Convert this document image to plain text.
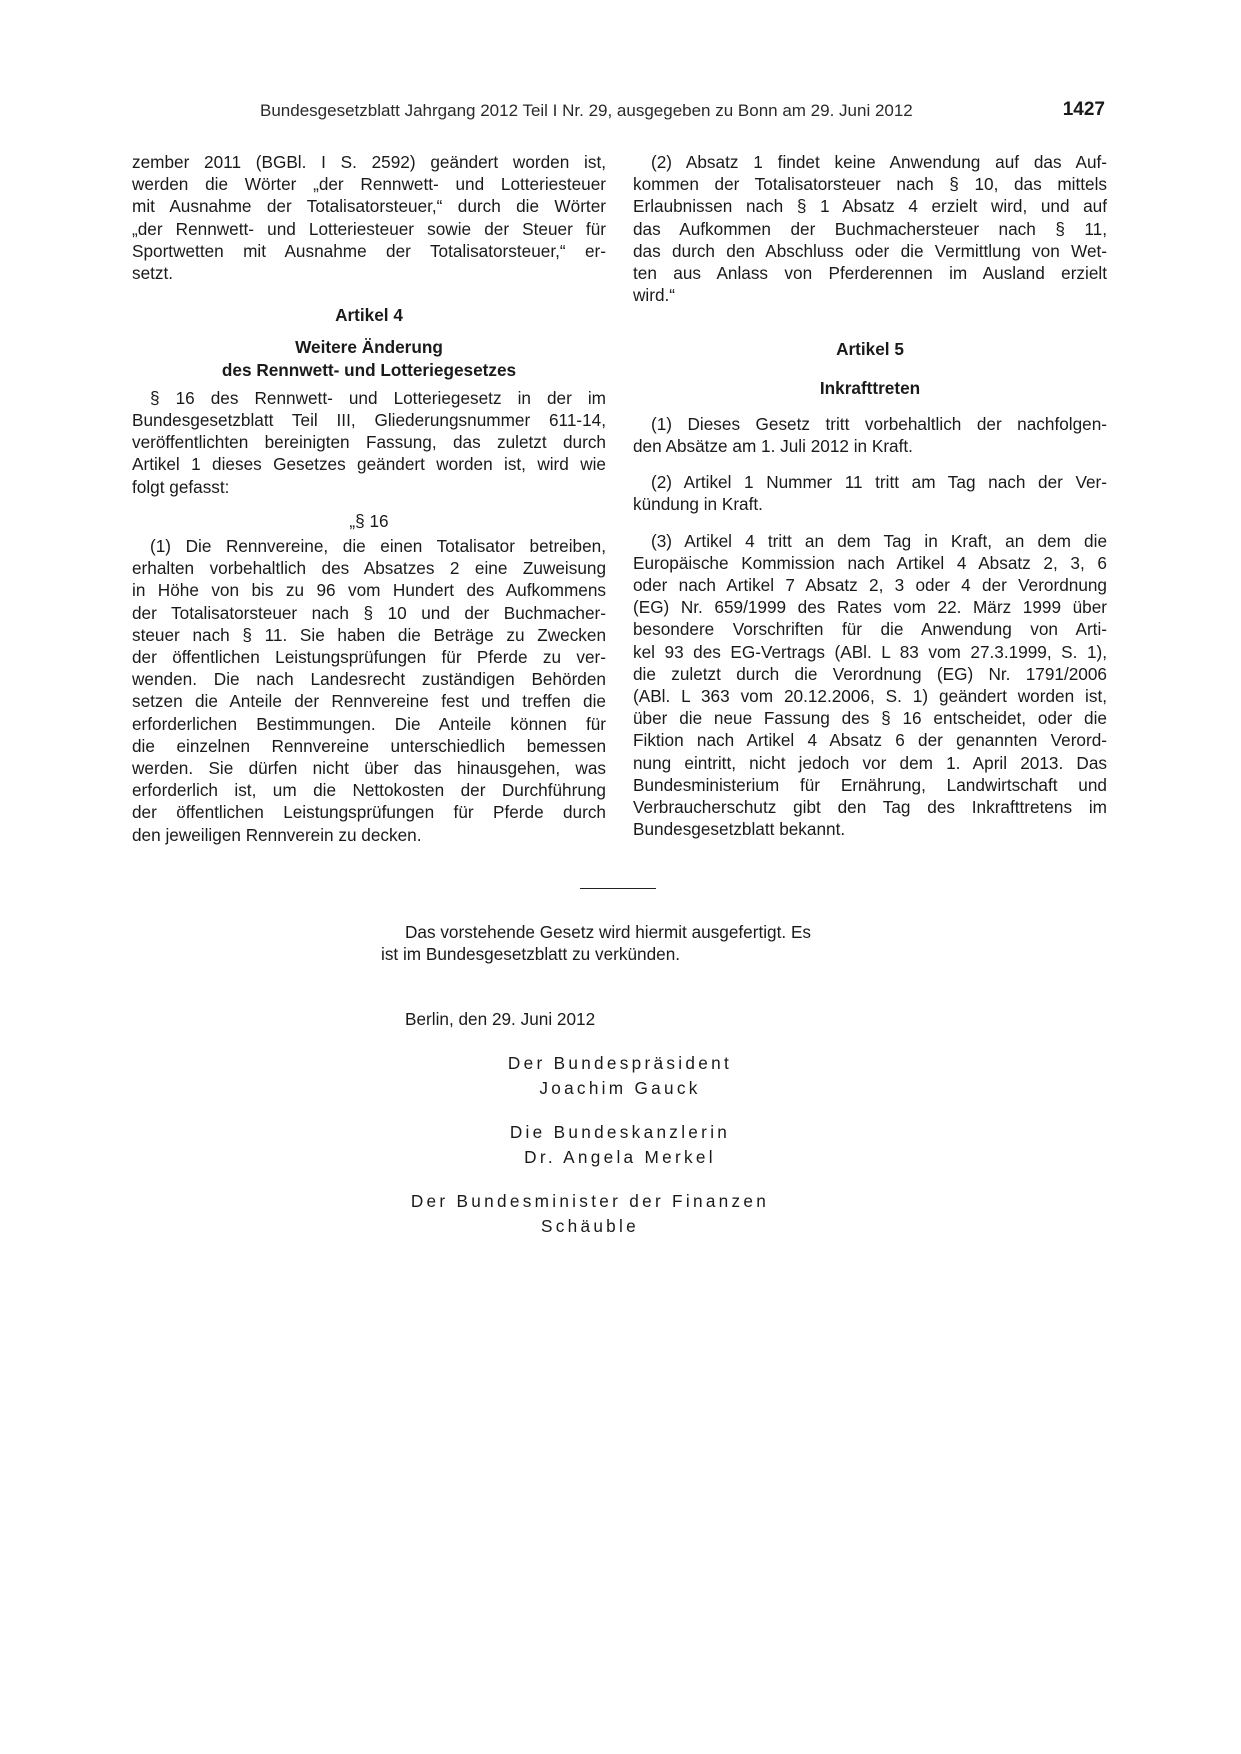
Bundesgesetzblatt Jahrgang 2012 Teil I Nr. 29, ausgegeben zu Bonn am 29. Juni 2012	1427

zember 2011 (BGBl. I S. 2592) geändert worden ist,
werden die Wörter „der Rennwett- und Lotteriesteuer
mit Ausnahme der Totalisatorsteuer,“ durch die Wörter
„der Rennwett- und Lotteriesteuer sowie der Steuer für
Sportwetten mit Ausnahme der Totalisatorsteuer,“ er-
setzt.

Artikel 4
Weitere Änderung
des Rennwett- und Lotteriegesetzes

§ 16 des Rennwett- und Lotteriegesetz in der im
Bundesgesetzblatt Teil III, Gliederungsnummer 611-14,
veröffentlichten bereinigten Fassung, das zuletzt durch
Artikel 1 dieses Gesetzes geändert worden ist, wird wie
folgt gefasst:

„§ 16

(1) Die Rennvereine, die einen Totalisator betreiben,
erhalten vorbehaltlich des Absatzes 2 eine Zuweisung
in Höhe von bis zu 96 vom Hundert des Aufkommens
der Totalisatorsteuer nach § 10 und der Buchmacher-
steuer nach § 11. Sie haben die Beträge zu Zwecken
der öffentlichen Leistungsprüfungen für Pferde zu ver-
wenden. Die nach Landesrecht zuständigen Behörden
setzen die Anteile der Rennvereine fest und treffen die
erforderlichen Bestimmungen. Die Anteile können für
die einzelnen Rennvereine unterschiedlich bemessen
werden. Sie dürfen nicht über das hinausgehen, was
erforderlich ist, um die Nettokosten der Durchführung
der öffentlichen Leistungsprüfungen für Pferde durch
den jeweiligen Rennverein zu decken.

(2) Absatz 1 findet keine Anwendung auf das Auf-
kommen der Totalisatorsteuer nach § 10, das mittels
Erlaubnissen nach § 1 Absatz 4 erzielt wird, und auf
das Aufkommen der Buchmachersteuer nach § 11,
das durch den Abschluss oder die Vermittlung von Wet-
ten aus Anlass von Pferderennen im Ausland erzielt
wird.“

Artikel 5
Inkrafttreten

(1) Dieses Gesetz tritt vorbehaltlich der nachfolgen-
den Absätze am 1. Juli 2012 in Kraft.

(2) Artikel 1 Nummer 11 tritt am Tag nach der Ver-
kündung in Kraft.

(3) Artikel 4 tritt an dem Tag in Kraft, an dem die
Europäische Kommission nach Artikel 4 Absatz 2, 3, 6
oder nach Artikel 7 Absatz 2, 3 oder 4 der Verordnung
(EG) Nr. 659/1999 des Rates vom 22. März 1999 über
besondere Vorschriften für die Anwendung von Arti-
kel 93 des EG-Vertrags (ABl. L 83 vom 27.3.1999, S. 1),
die zuletzt durch die Verordnung (EG) Nr. 1791/2006
(ABl. L 363 vom 20.12.2006, S. 1) geändert worden ist,
über die neue Fassung des § 16 entscheidet, oder die
Fiktion nach Artikel 4 Absatz 6 der genannten Verord-
nung eintritt, nicht jedoch vor dem 1. April 2013. Das
Bundesministerium für Ernährung, Landwirtschaft und
Verbraucherschutz gibt den Tag des Inkrafttretens im
Bundesgesetzblatt bekannt.

Das vorstehende Gesetz wird hiermit ausgefertigt. Es
ist im Bundesgesetzblatt zu verkünden.
Berlin, den 29. Juni 2012
Der Bundespräsident
Joachim Gauck
Die Bundeskanzlerin
Dr. Angela Merkel
Der Bundesminister der Finanzen
Schäuble
